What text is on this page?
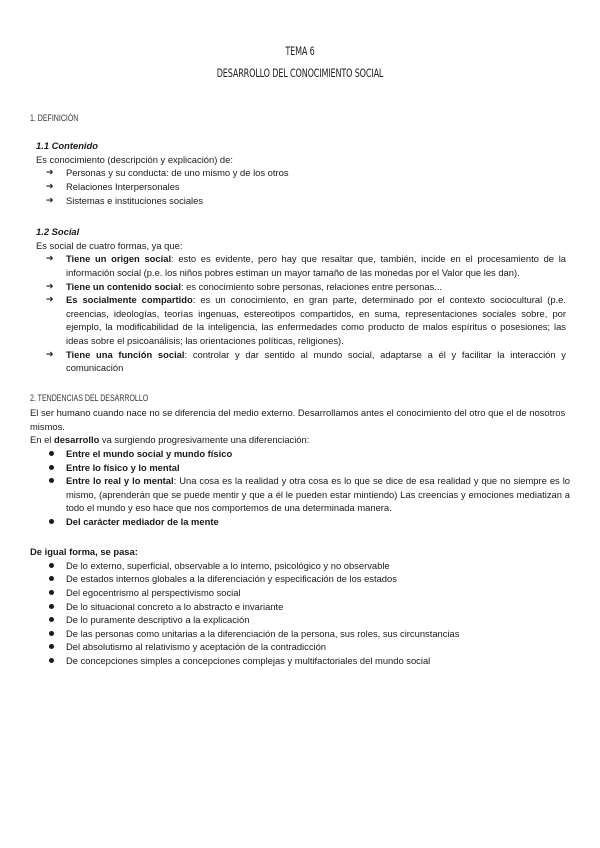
TEMA 6
DESARROLLO DEL CONOCIMIENTO SOCIAL
1. DEFINICIÓN

1.1 Contenido

Es conocimiento (descripción y explicación) de:

➔ Personas y su conducta: de uno mismo y de los otros
➔ Relaciones Interpersonales
➔ Sistemas e instituciones sociales

1.2 Social

Es social de cuatro formas, ya que:

➔ Tiene un origen social: esto es evidente, pero hay que resaltar que, también, incide en el procesamiento de la información social (p.e. los niños pobres estiman un mayor tamaño de las monedas por el Valor que les dan).
➔ Tiene un contenido social: es conocimiento sobre personas, relaciones entre personas...
➔ Es socialmente compartido: es un conocimiento, en gran parte, determinado por el contexto sociocultural (p.e. creencias, ideologías, teorías ingenuas, estereotipos compartidos, en suma, representaciones sociales sobre, por ejemplo, la modificabilidad de la inteligencia, las enfermedades como producto de malos espíritus o posesiones; las ideas sobre el psicoanálisis; las orientaciones políticas, religiones).
➔ Tiene una función social: controlar y dar sentido al mundo social, adaptarse a él y facilitar la interacción y comunicación
2. TENDENCIAS DEL DESARROLLO

El ser humano cuando nace no se diferencia del medio externo. Desarrollamos antes el conocimiento del otro que el de nosotros mismos.

En el desarrollo va surgiendo progresivamente una diferenciación:

Entre el mundo social y mundo físico
Entre lo físico y lo mental
Entre lo real y lo mental: Una cosa es la realidad y otra cosa es lo que se dice de esa realidad y que no siempre es lo mismo, (aprenderán que se puede mentir y que a él le pueden estar mintiendo) Las creencias y emociones mediatizan a todo el mundo y eso hace que nos comportemos de una determinada manera.
Del carácter mediador de la mente

De igual forma, se pasa:

De lo externo, superficial, observable a lo interno, psicológico y no observable
De estados internos globales a la diferenciación y especificación de los estados
Del egocentrismo al perspectivismo social
De lo situacional concreto a lo abstracto e invariante
De lo puramente descriptivo a la explicación
De las personas como unitarias a la diferenciación de la persona, sus roles, sus circunstancias
Del absolutismo al relativismo y aceptación de la contradicción
De concepciones simples a concepciones complejas y multifactoriales del mundo social
